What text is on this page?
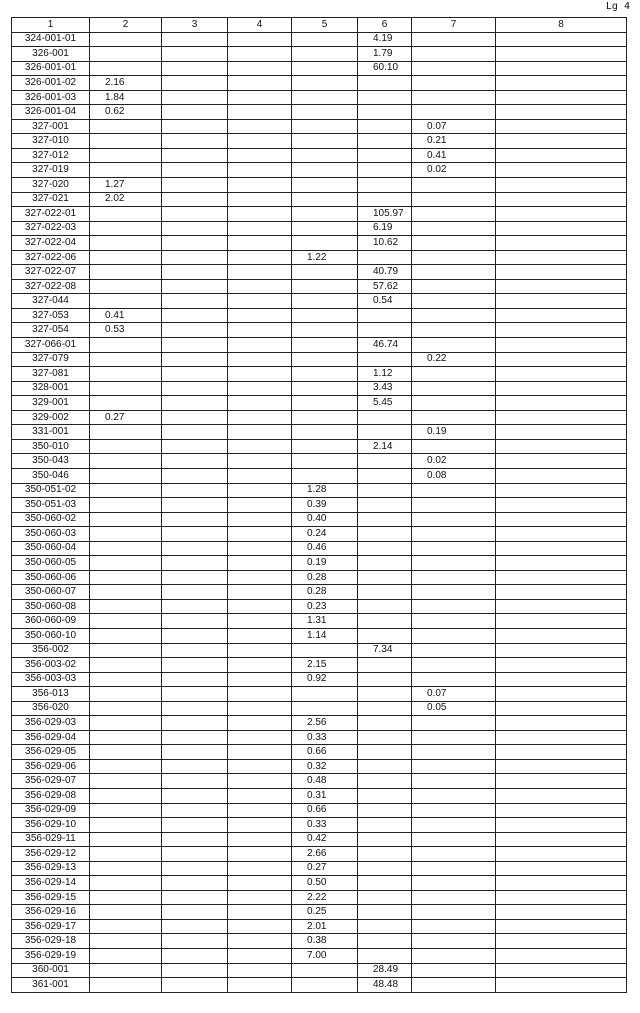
Lg 4
1	2	3	4	5	6	7	8
324-001-01					4.19		
326-001					1.79		
326-001-01					60.10		
326-001-02	2.16						
326-001-03	1.84						
326-001-04	0.62						
327-001						0.07	
327-010						0.21	
327-012						0.41	
327-019						0.02	
327-020	1.27						
327-021	2.02						
327-022-01					105.97		
327-022-03					6.19		
327-022-04					10.62		
327-022-06				1.22			
327-022-07					40.79		
327-022-08					57.62		
327-044					0.54		
327-053	0.41						
327-054	0.53						
327-066-01					46.74		
327-079						0.22	
327-081					1.12		
328-001					3.43		
329-001					5.45		
329-002	0.27						
331-001						0.19	
350-010					2.14		
350-043						0.02	
350-046						0.08	
350-051-02				1.28			
350-051-03				0.39			
350-060-02				0.40			
350-060-03				0.24			
350-060-04				0.46			
350-060-05				0.19			
350-060-06				0.28			
350-060-07				0.28			
350-060-08				0.23			
360-060-09				1.31			
350-060-10				1.14			
356-002					7.34		
356-003-02				2.15			
356-003-03				0.92			
356-013						0.07	
356-020						0.05	
356-029-03				2.56			
356-029-04				0.33			
356-029-05				0.66			
356-029-06				0.32			
356-029-07				0.48			
356-029-08				0.31			
356-029-09				0.66			
356-029-10				0.33			
356-029-11				0.42			
356-029-12				2.66			
356-029-13				0.27			
356-029-14				0.50			
356-029-15				2.22			
356-029-16				0.25			
356-029-17				2.01			
356-029-18				0.38			
356-029-19				7.00			
360-001					28.49		
361-001					48.48		
